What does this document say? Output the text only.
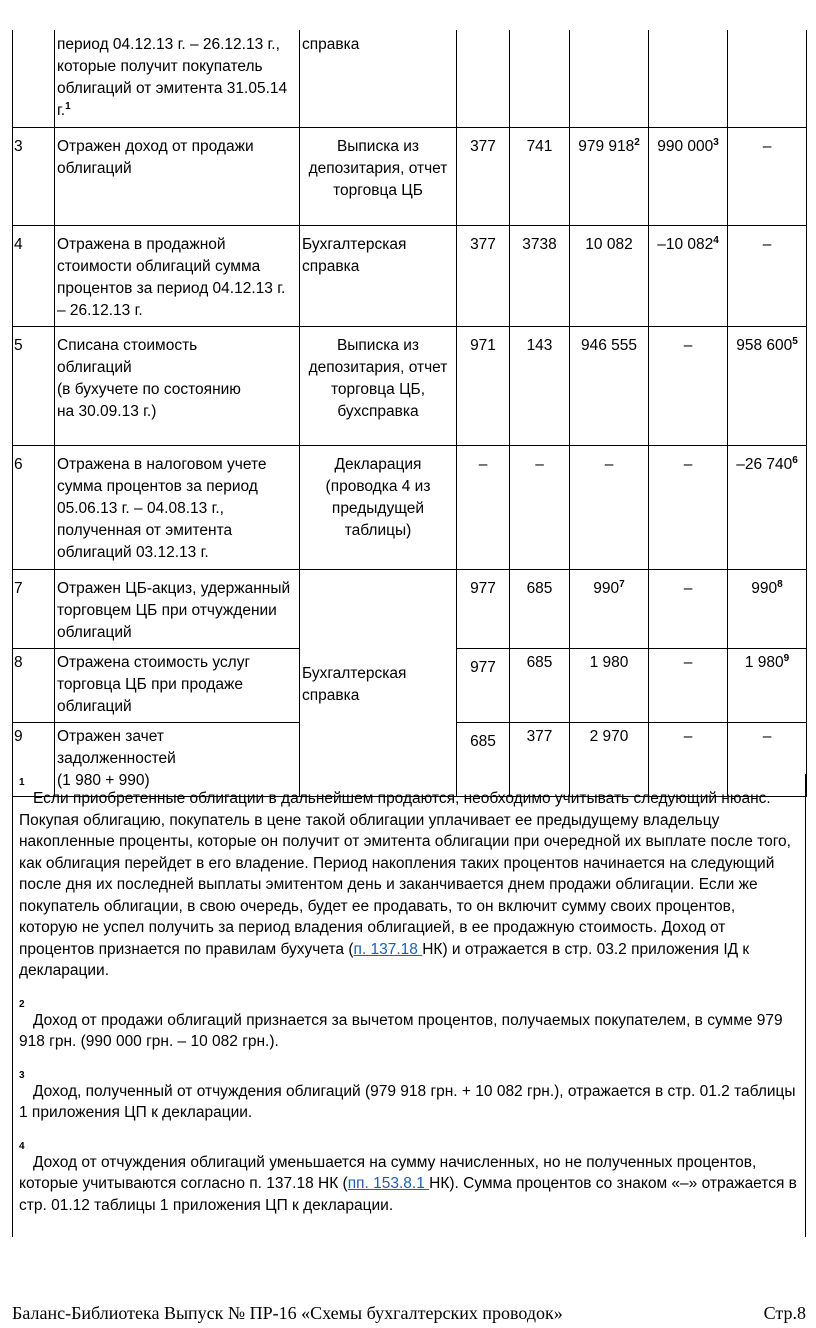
	период 04.12.13 г. – 26.12.13 г., которые получит покупатель облигаций от эмитента 31.05.14 г.$^1$	справка					
3	Отражен доход от продажи облигаций	Выписка из депозитария, отчет торговца ЦБ	377	741	979 $918^2$	990 $000^3$	–
4	Отражена в продажной стоимости облигаций сумма процентов за период 04.12.13 г. – 26.12.13 г.	Бухгалтерская справка	377	3738	10 082	–10 $082^4$	–
5	Списана стоимость
облигаций
(в бухучете по состоянию
на 30.09.13 г.)	Выписка из депозитария, отчет торговца ЦБ, бухсправка	971	143	946 555	–	958 $600^5$
6	Отражена в налоговом учете
сумма процентов за период
05.06.13 г. – 04.08.13 г.,
полученная от эмитента
облигаций 03.12.13 г.	Декларация (проводка 4 из предыдущей таблицы)	–	–	–	–	–26 $740^6$
7	Отражен ЦБ-акциз, удержанный торговцем ЦБ при отчуждении облигаций	Бухгалтерская справка	977	685	$990^7$	–	$990^8$
8	Отражена стоимость услуг торговца ЦБ при продаже облигаций		977	685	1 980	–	1 $980^9$
9	Отражен зачет
задолженностей
(1 980 + 990)		685	377	2 970	–	–
1
Если приобретенные облигации в дальнейшем продаются, необходимо учитывать следующий нюанс. Покупая облигацию, покупатель в цене такой облигации уплачивает ее предыдущему владельцу накопленные проценты, которые он получит от эмитента облигации при очередной их выплате после того, как облигация перейдет в его владение. Период накопления таких процентов начинается на следующий после дня их последней выплаты эмитентом день и заканчивается днем продажи облигации. Если же покупатель облигации, в свою очередь, будет ее продавать, то он включит сумму своих процентов, которую не успел получить за период владения облигацией, в ее продажную стоимость. Доход от процентов признается по правилам бухучета (п. 137.18 НК) и отражается в стр. 03.2 приложения ІД к декларации.
2
Доход от продажи облигаций признается за вычетом процентов, получаемых покупателем, в сумме 979 918 грн. (990 000 грн. – 10 082 грн.).
3
Доход, полученный от отчуждения облигаций (979 918 грн. + 10 082 грн.), отражается в стр. 01.2 таблицы 1 приложения ЦП к декларации.
4
Доход от отчуждения облигаций уменьшается на сумму начисленных, но не полученных процентов, которые учитываются согласно п. 137.18 НК (пп. 153.8.1 НК). Сумма процентов со знаком «–» отражается в стр. 01.12 таблицы 1 приложения ЦП к декларации.
Баланс-Библиотека Выпуск № ПР-16 «Схемы бухгалтерских проводок»	Стр.8
